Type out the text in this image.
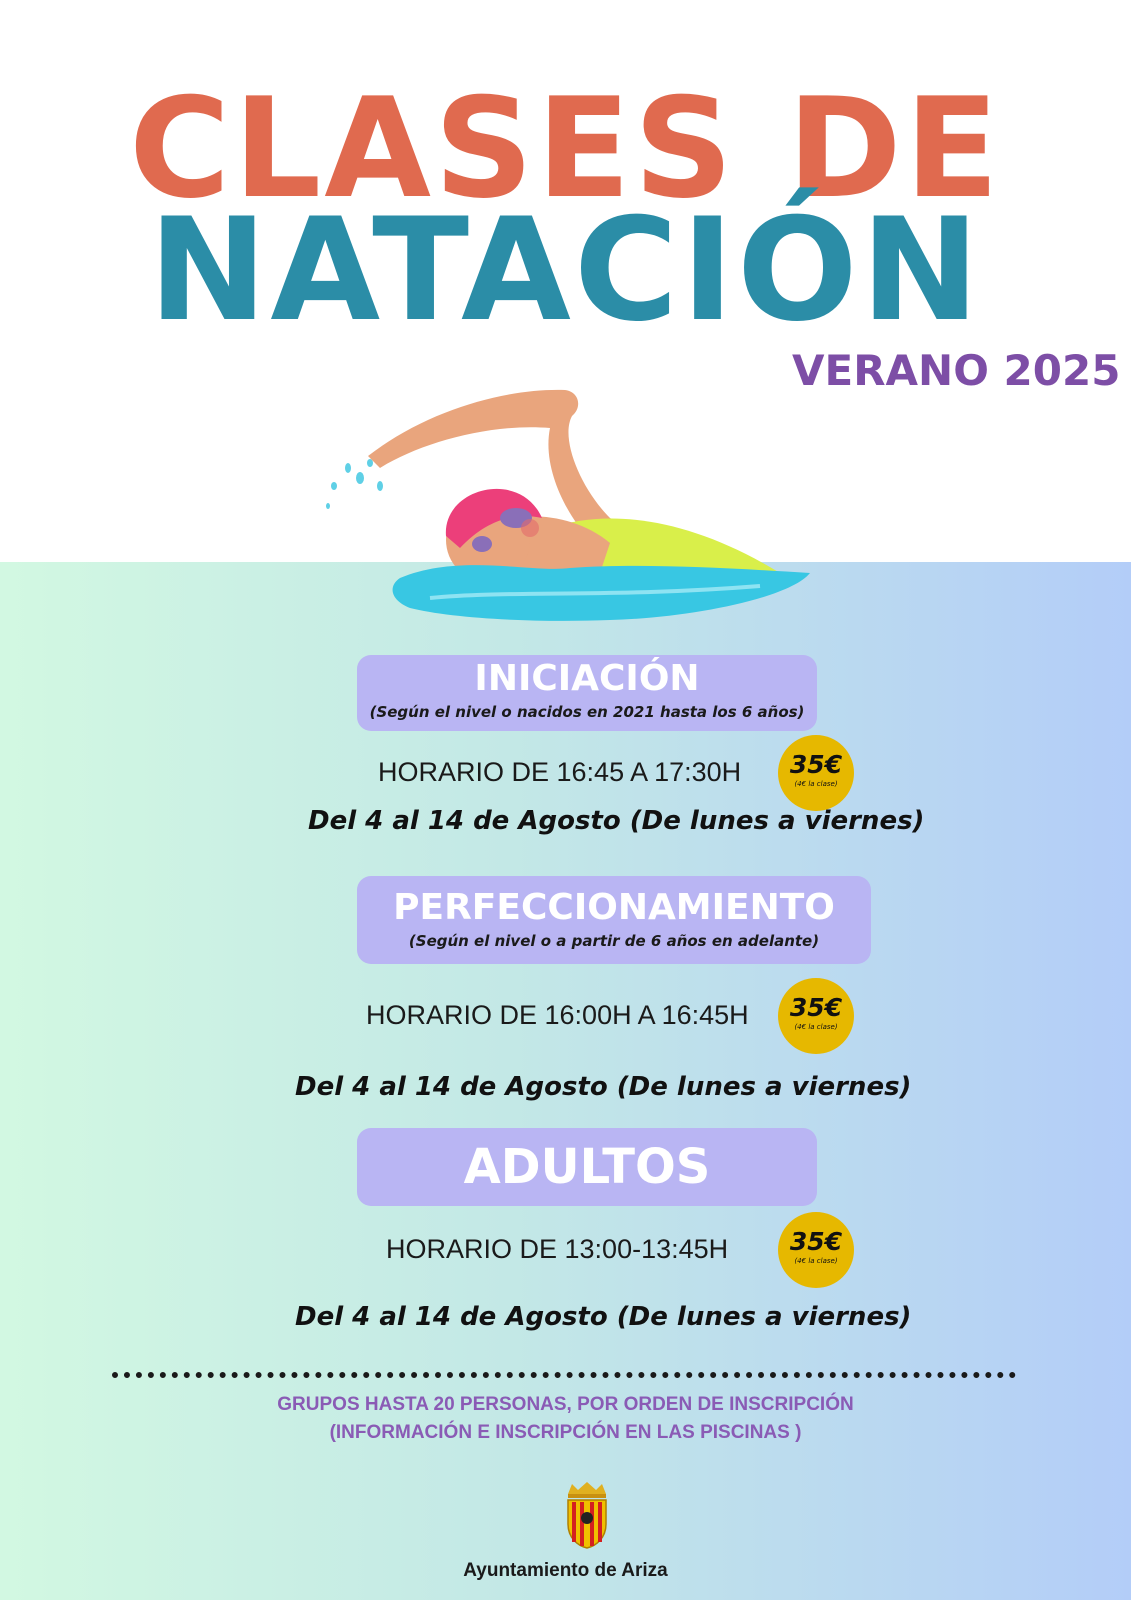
CLASES DE
NATACIÓN
VERANO 2025
INICIACIÓN
(Según el nivel o nacidos en 2021 hasta los 6 años)
HORARIO DE 16:45 A 17:30H	35€
(4€ la clase)
Del 4 al 14 de Agosto (De lunes a viernes)
PERFECCIONAMIENTO
(Según el nivel o a partir de 6 años en adelante)
HORARIO DE 16:00H A 16:45H	35€
(4€ la clase)
Del 4 al 14 de Agosto (De lunes a viernes)
ADULTOS
HORARIO DE 13:00-13:45H	35€
(4€ la clase)
Del 4 al 14 de Agosto (De lunes a viernes)
GRUPOS HASTA 20 PERSONAS, POR ORDEN DE INSCRIPCIÓN
(INFORMACIÓN E INSCRIPCIÓN EN LAS PISCINAS )
Ayuntamiento de Ariza
